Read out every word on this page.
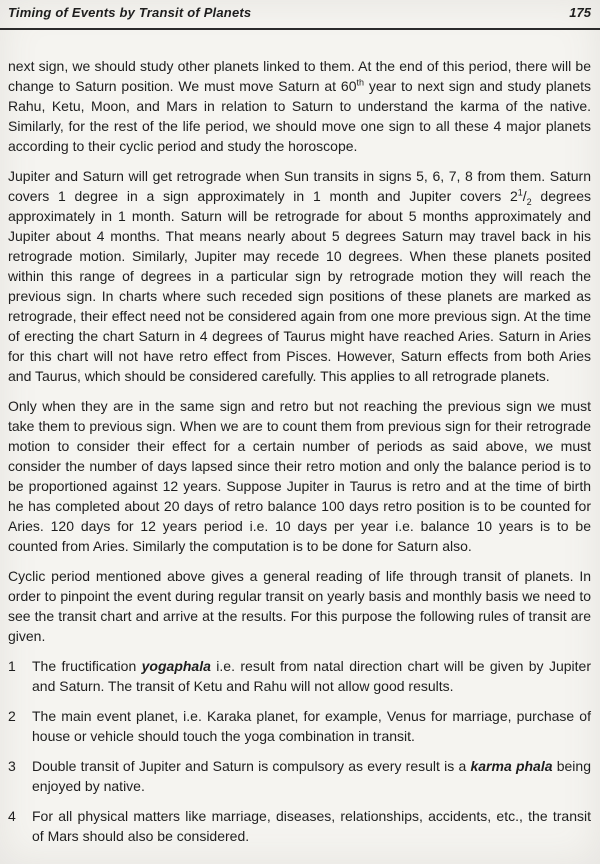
Timing of Events by Transit of Planets	175

next sign, we should study other planets linked to them. At the end of this period, there will be change to Saturn position. We must move Saturn at 60th year to next sign and study planets Rahu, Ketu, Moon, and Mars in relation to Saturn to understand the karma of the native. Similarly, for the rest of the life period, we should move one sign to all these 4 major planets according to their cyclic period and study the horoscope.

Jupiter and Saturn will get retrograde when Sun transits in signs 5, 6, 7, 8 from them. Saturn covers 1 degree in a sign approximately in 1 month and Jupiter covers $2^1/_2$ degrees approximately in 1 month. Saturn will be retrograde for about 5 months approximately and Jupiter about 4 months. That means nearly about 5 degrees Saturn may travel back in his retrograde motion. Similarly, Jupiter may recede 10 degrees. When these planets posited within this range of degrees in a particular sign by retrograde motion they will reach the previous sign. In charts where such receded sign positions of these planets are marked as retrograde, their effect need not be considered again from one more previous sign. At the time of erecting the chart Saturn in 4 degrees of Taurus might have reached Aries. Saturn in Aries for this chart will not have retro effect from Pisces. However, Saturn effects from both Aries and Taurus, which should be considered carefully. This applies to all retrograde planets.

Only when they are in the same sign and retro but not reaching the previous sign we must take them to previous sign. When we are to count them from previous sign for their retrograde motion to consider their effect for a certain number of periods as said above, we must consider the number of days lapsed since their retro motion and only the balance period is to be proportioned against 12 years. Suppose Jupiter in Taurus is retro and at the time of birth he has completed about 20 days of retro balance 100 days retro position is to be counted for Aries. 120 days for 12 years period i.e. 10 days per year i.e. balance 10 years is to be counted from Aries. Similarly the computation is to be done for Saturn also.

Cyclic period mentioned above gives a general reading of life through transit of planets. In order to pinpoint the event during regular transit on yearly basis and monthly basis we need to see the transit chart and arrive at the results. For this purpose the following rules of transit are given.

1	The fructification yogaphala i.e. result from natal direction chart will be given by Jupiter and Saturn. The transit of Ketu and Rahu will not allow good results.
2	The main event planet, i.e. Karaka planet, for example, Venus for marriage, purchase of house or vehicle should touch the yoga combination in transit.
3	Double transit of Jupiter and Saturn is compulsory as every result is a karma phala being enjoyed by native.
4	For all physical matters like marriage, diseases, relationships, accidents, etc., the transit of Mars should also be considered.
